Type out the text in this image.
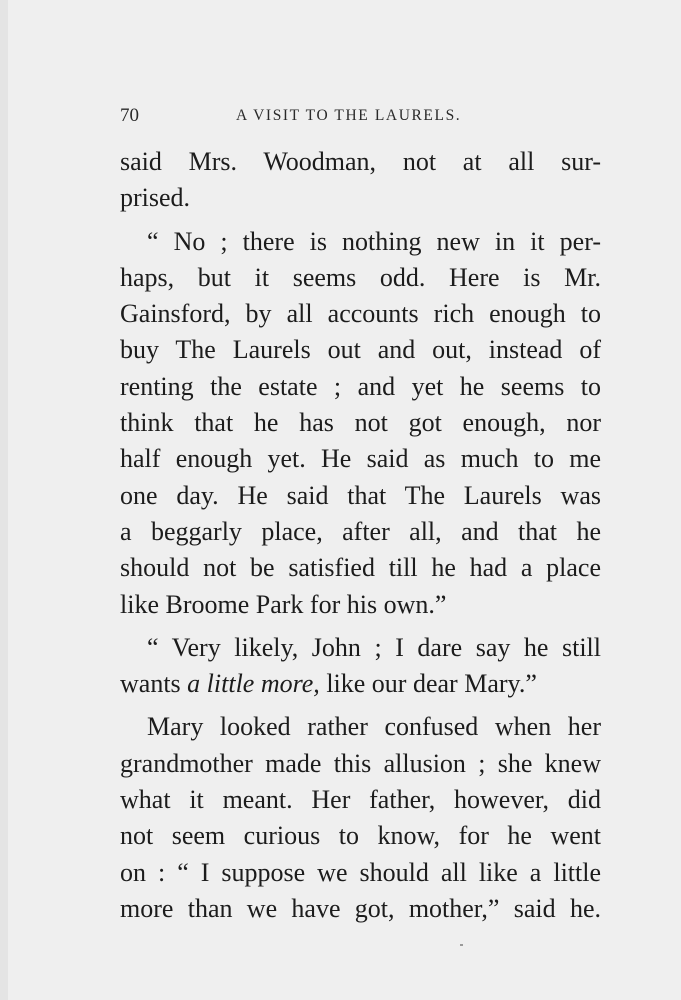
70	A VISIT TO THE LAURELS.
said Mrs. Woodman, not at all sur-
prised.
“ No ; there is nothing new in it per-
haps, but it seems odd. Here is Mr.
Gainsford, by all accounts rich enough to
buy The Laurels out and out, instead of
renting the estate ; and yet he seems to
think that he has not got enough, nor
half enough yet. He said as much to me
one day. He said that The Laurels was
a beggarly place, after all, and that he
should not be satisfied till he had a place
like Broome Park for his own.”
“ Very likely, John ; I dare say he still
wants a little more, like our dear Mary.”
Mary looked rather confused when her
grandmother made this allusion ; she knew
what it meant. Her father, however, did
not seem curious to know, for he went
on : “ I suppose we should all like a little
more than we have got, mother,” said he.
